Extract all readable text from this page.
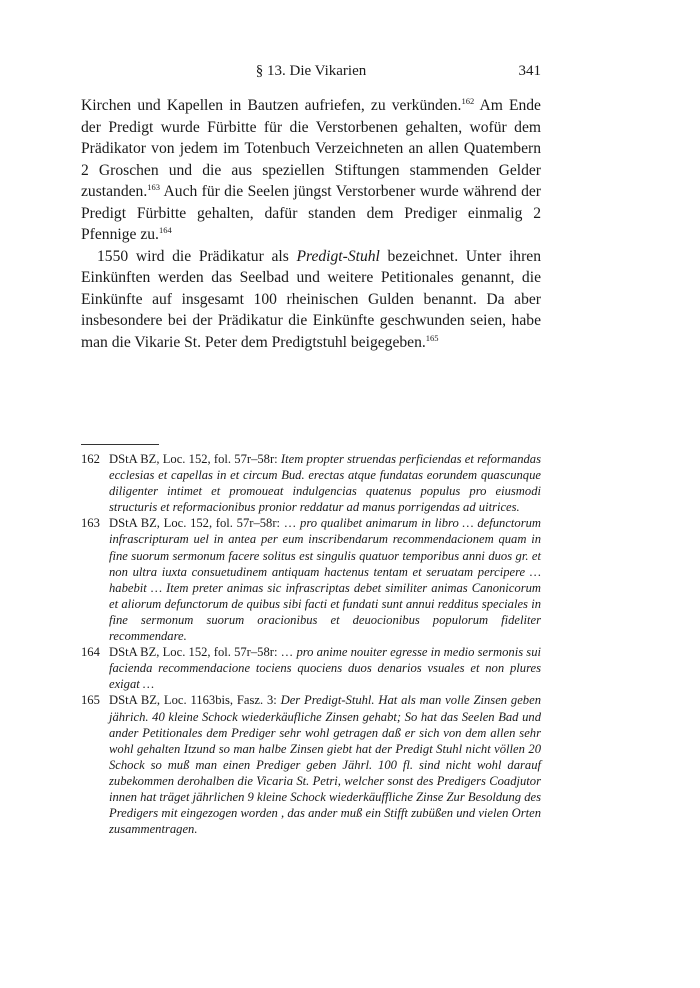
§ 13. Die Vikarien	341

Kirchen und Kapellen in Bautzen aufriefen, zu verkünden.$^{162}$ Am Ende der Predigt wurde Fürbitte für die Verstorbenen gehalten, wofür dem Prädikator von jedem im Totenbuch Verzeichneten an allen Quatembern 2 Groschen und die aus speziellen Stiftungen stammenden Gelder zustanden.$^{163}$ Auch für die Seelen jüngst Verstorbener wurde während der Predigt Fürbitte gehalten, dafür standen dem Prediger einmalig 2 Pfennige zu.$^{164}$

1550 wird die Prädikatur als Predigt-Stuhl bezeichnet. Unter ihren Einkünften werden das Seelbad und weitere Petitionales genannt, die Einkünfte auf insgesamt 100 rheinischen Gulden benannt. Da aber insbesondere bei der Prädikatur die Einkünfte geschwunden seien, habe man die Vikarie St. Peter dem Predigtstuhl beigegeben.$^{165}$

162 DStA BZ, Loc. 152, fol. 57r–58r: Item propter struendas perficiendas et reformandas ecclesias et capellas in et circum Bud. erectas atque fundatas eorundem quascunque diligenter intimet et promoueat indulgencias quatenus populus pro eiusmodi structuris et reformacionibus pronior reddatur ad manus porrigendas ad uitrices.
163 DStA BZ, Loc. 152, fol. 57r–58r: … pro qualibet animarum in libro … defunctorum infrascripturam uel in antea per eum inscribendarum recommendacionem quam in fine suorum sermonum facere solitus est singulis quatuor temporibus anni duos gr. et non ultra iuxta consuetudinem antiquam hactenus tentam et seruatam percipere … habebit … Item preter animas sic infrascriptas debet similiter animas Canonicorum et aliorum defunctorum de quibus sibi facti et fundati sunt annui redditus speciales in fine sermonum suorum oracionibus et deuocionibus populorum fideliter recommendare.
164 DStA BZ, Loc. 152, fol. 57r–58r: … pro anime nouiter egresse in medio sermonis sui facienda recommendacione tociens quociens duos denarios vsuales et non plures exigat …
165 DStA BZ, Loc. 1163bis, Fasz. 3: Der Predigt-Stuhl. Hat als man volle Zinsen geben jährich. 40 kleine Schock wiederkäufliche Zinsen gehabt; So hat das Seelen Bad und ander Petitionales dem Prediger sehr wohl getragen daß er sich von dem allen sehr wohl gehalten Itzund so man halbe Zinsen giebt hat der Predigt Stuhl nicht völlen 20 Schock so muß man einen Prediger geben Jährl. 100 fl. sind nicht wohl darauf zubekommen derohalben die Vicaria St. Petri, welcher sonst des Predigers Coadjutor innen hat träget jährlichen 9 kleine Schock wiederkäuffliche Zinse Zur Besoldung des Predigers mit eingezogen worden , das ander muß ein Stifft zubüßen und vielen Orten zusammentragen.
